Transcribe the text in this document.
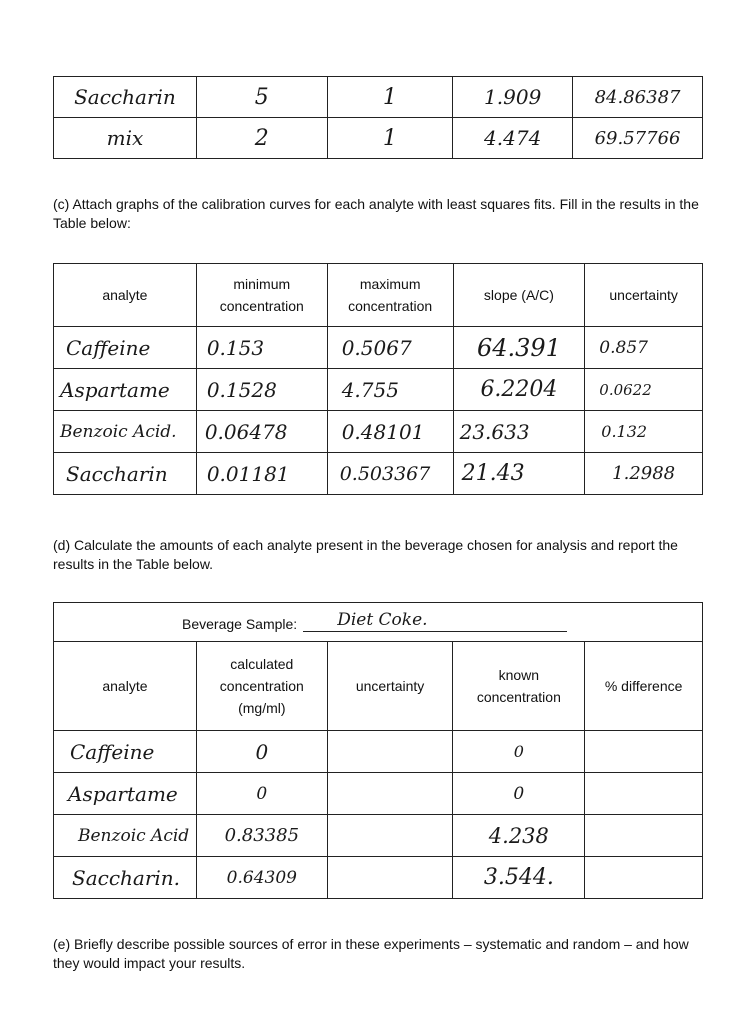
Saccharin	5	1	1.909	84.86387
mix	2	1	4.474	69.57766
(c) Attach graphs of the calibration curves for each analyte with least squares fits. Fill in the results in the Table below:
analyte	minimum concentration	maximum concentration	slope (A/C)	uncertainty
Caffeine	0.153	0.5067	64.391	0.857
Aspartame	0.1528	4.755	6.2204	0.0622
Benzoic Acid.	0.06478	0.48101	23.633	0.132
Saccharin	0.01181	0.503367	21.43	1.2988
(d) Calculate the amounts of each analyte present in the beverage chosen for analysis and report the results in the Table below.
Beverage Sample: Diet Coke.				

analyte	calculated concentration (mg/ml)	uncertainty	known concentration	% difference
Caffeine	0		0	
Aspartame	0		0	
Benzoic Acid	0.83385		4.238	
Saccharin.	0.64309		3.544.	
(e) Briefly describe possible sources of error in these experiments – systematic and random – and how they would impact your results.
